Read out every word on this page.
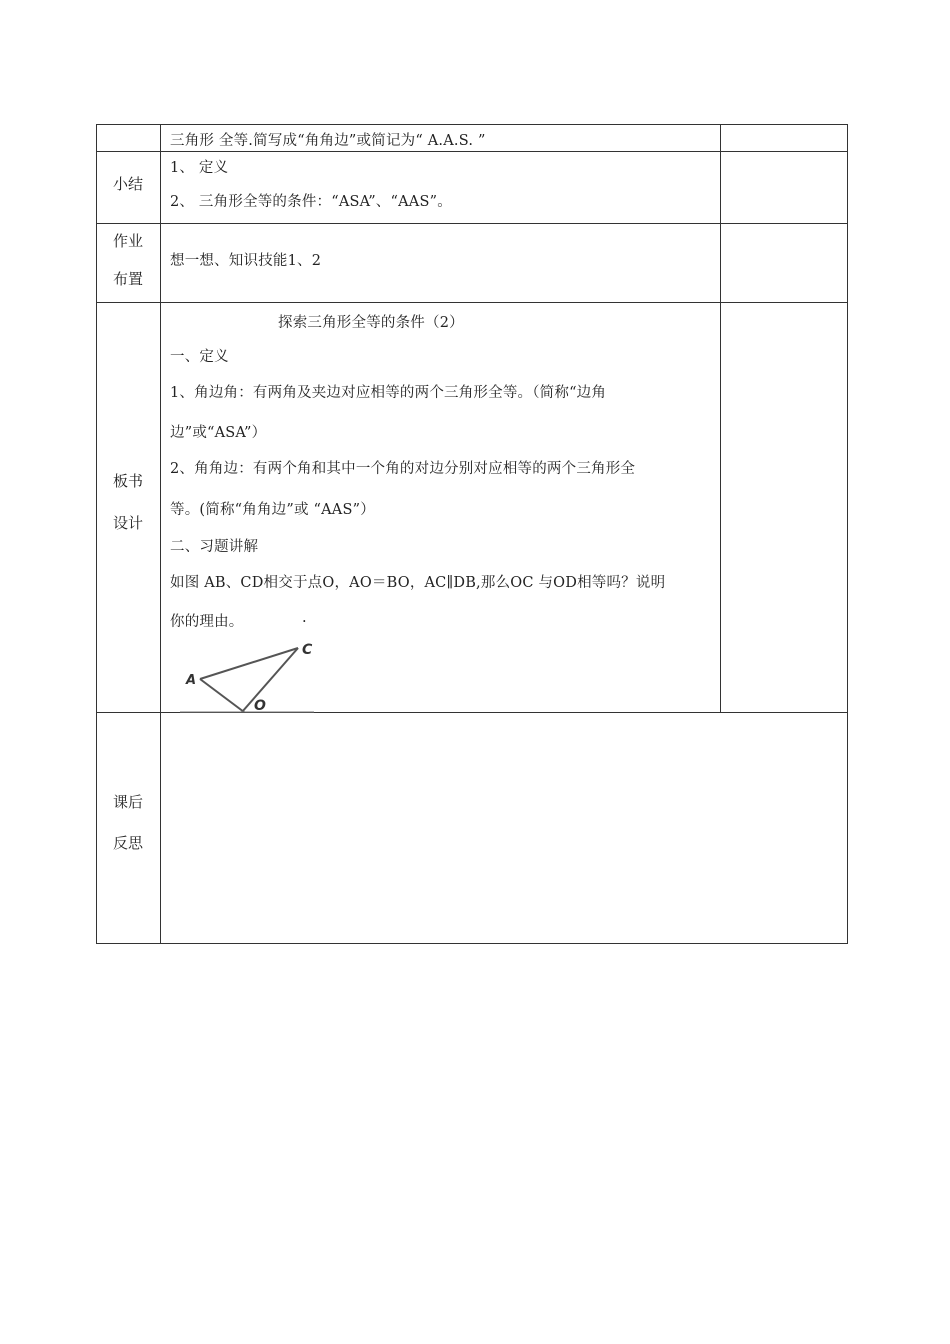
三角形 全等.简写成“角角边”或简记为“ A.A.S. ”
小结
1、 定义
2、 三角形全等的条件：“ASA”、“AAS”。
作业
布置
想一想、知识技能1、2
板书
设计
探索三角形全等的条件（2）
一、定义
1、角边角：有两角及夹边对应相等的两个三角形全等。（简称“边角
边”或“ASA”）
2、角角边：有两个角和其中一个角的对边分别对应相等的两个三角形全
等。(简称“角角边”或 “AAS”）
二、习题讲解
如图 AB、CD相交于点O，AO＝BO，AC∥DB,那么OC 与OD相等吗？说明
你的理由。	.
A
C
O
课后
反思
